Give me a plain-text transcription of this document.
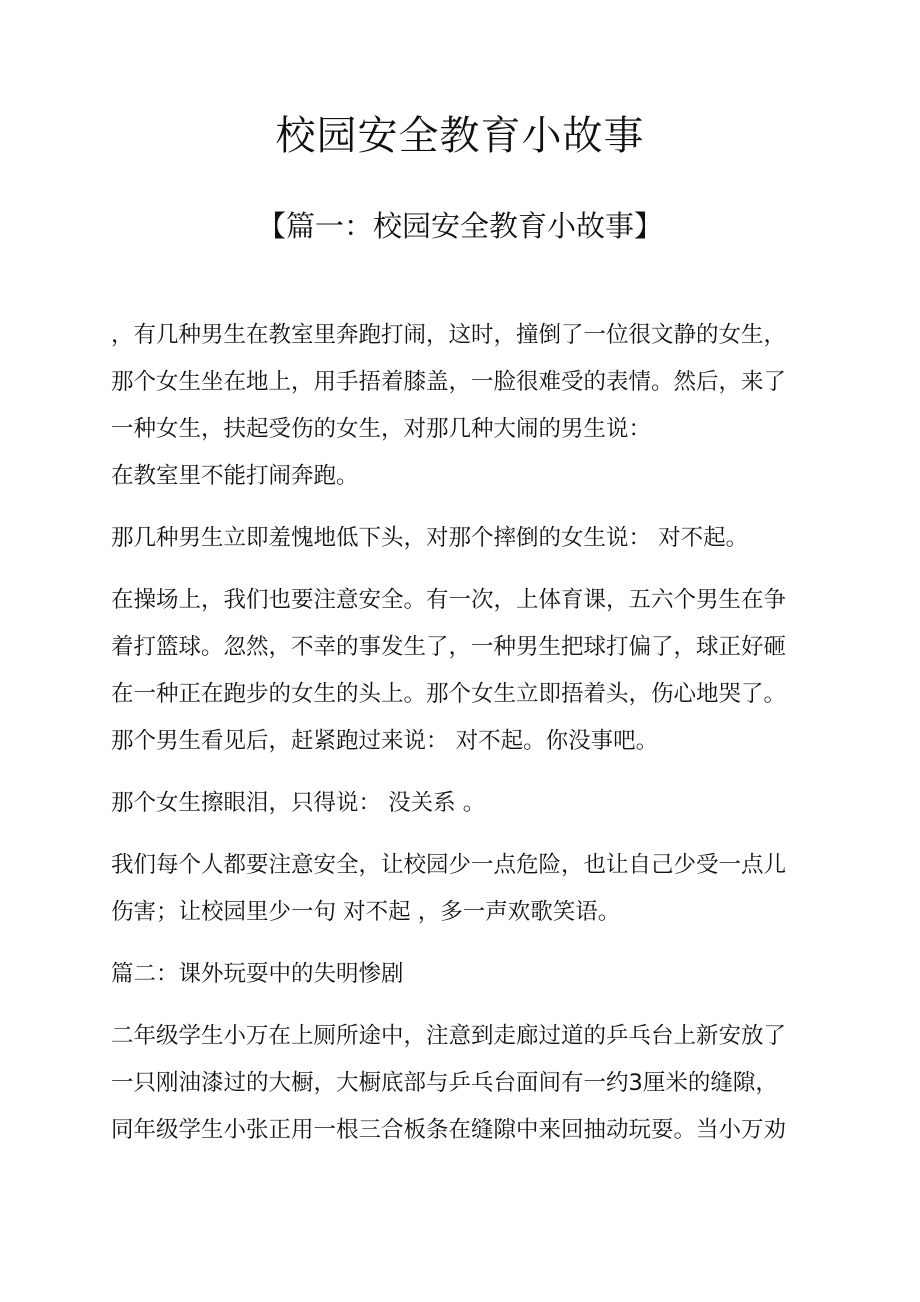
校园安全教育小故事
【篇一：校园安全教育小故事】

，有几种男生在教室里奔跑打闹，这时，撞倒了一位很文静的女生，
那个女生坐在地上，用手捂着膝盖，一脸很难受的表情。然后，来了
一种女生，扶起受伤的女生，对那几种大闹的男生说：

在教室里不能打闹奔跑。

那几种男生立即羞愧地低下头，对那个摔倒的女生说： 对不起。

在操场上，我们也要注意安全。有一次，上体育课，五六个男生在争
着打篮球。忽然，不幸的事发生了，一种男生把球打偏了，球正好砸
在一种正在跑步的女生的头上。那个女生立即捂着头，伤心地哭了。
那个男生看见后，赶紧跑过来说： 对不起。你没事吧。

那个女生擦眼泪，只得说： 没关系 。

我们每个人都要注意安全，让校园少一点危险，也让自己少受一点儿
伤害；让校园里少一句 对不起 ，多一声欢歌笑语。

篇二：课外玩耍中的失明惨剧

二年级学生小万在上厕所途中，注意到走廊过道的乒乓台上新安放了
一只刚油漆过的大橱，大橱底部与乒乓台面间有一约3厘米的缝隙，
同年级学生小张正用一根三合板条在缝隙中来回抽动玩耍。当小万劝
